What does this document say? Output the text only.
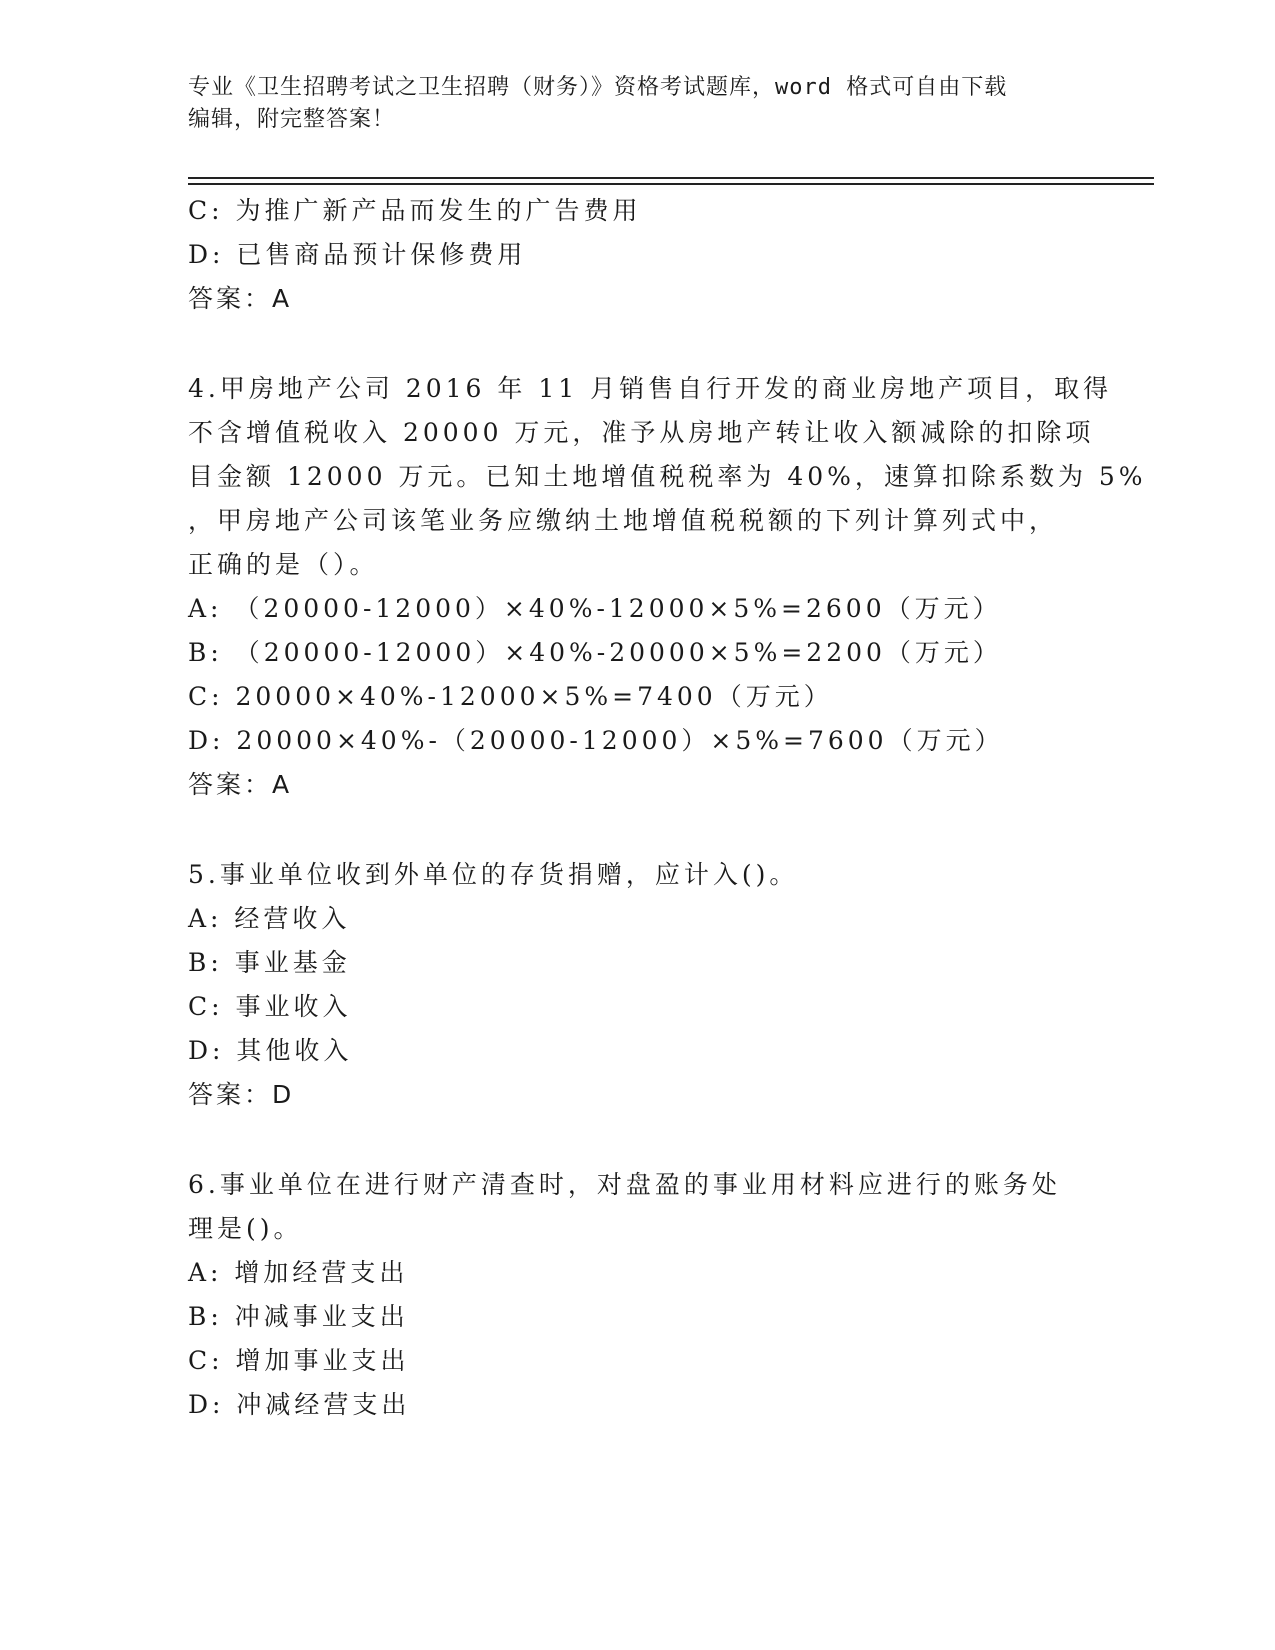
专业《卫生招聘考试之卫生招聘（财务）》资格考试题库，word 格式可自由下载
编辑，附完整答案！
C: 为推广新产品而发生的广告费用
D: 已售商品预计保修费用
答案：A
4.甲房地产公司 2016 年 11 月销售自行开发的商业房地产项目，取得
不含增值税收入 20000 万元，准予从房地产转让收入额减除的扣除项
目金额 12000 万元。已知土地增值税税率为 40%，速算扣除系数为 5%
，甲房地产公司该笔业务应缴纳土地增值税税额的下列计算列式中，
正确的是（）。
A: （20000-12000）×40%-12000×5%=2600（万元）
B: （20000-12000）×40%-20000×5%=2200（万元）
C: 20000×40%-12000×5%=7400（万元）
D: 20000×40%-（20000-12000）×5%=7600（万元）
答案：A
5.事业单位收到外单位的存货捐赠，应计入()。
A: 经营收入
B: 事业基金
C: 事业收入
D: 其他收入
答案：D
6.事业单位在进行财产清查时，对盘盈的事业用材料应进行的账务处
理是()。
A: 增加经营支出
B: 冲减事业支出
C: 增加事业支出
D: 冲减经营支出
